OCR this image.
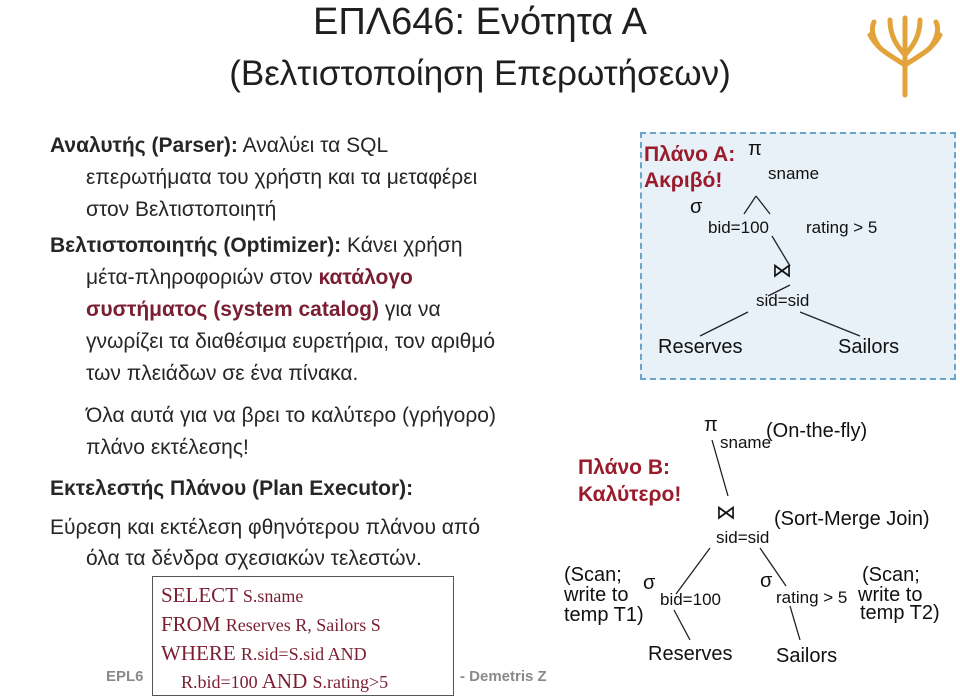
ΕΠΛ646: Ενότητα Α
(Βελτιστοποίηση Επερωτήσεων)
Αναλυτής (Parser): Αναλύει τα SQL
επερωτήματα του χρήστη και τα μεταφέρει
στον Βελτιστοποιητή
Βελτιστοποιητής (Optimizer): Κάνει χρήση
μέτα-πληροφοριών στον κατάλογο
συστήματος (system catalog) για να
γνωρίζει τα διαθέσιμα ευρετήρια, τον αριθμό
των πλειάδων σε ένα πίνακα.
Όλα αυτά για να βρει το καλύτερο (γρήγορο)
πλάνο εκτέλεσης!
Εκτελεστής Πλάνου (Plan Executor):
Εύρεση και εκτέλεση φθηνότερου πλάνου από
όλα τα δένδρα σχεσιακών τελεστών.
EPL6	- Demetris Z
SELECT S.sname
FROM Reserves R, Sailors S
WHERE R.sid=S.sid AND
R.bid=100 AND S.rating>5
Πλάνο Α:
Ακριβό!
π
sname
σ
bid=100 rating > 5
⋈
sid=sid
Reserves	Sailors
Πλάνο Β:
Καλύτερο!
π
sname
(On-the-fly)
⋈
sid=sid
(Sort-Merge Join)
(Scan;
write to
temp T1)
σ
bid=100
σ
rating > 5
(Scan;
write to
temp T2)
Reserves Sailors
